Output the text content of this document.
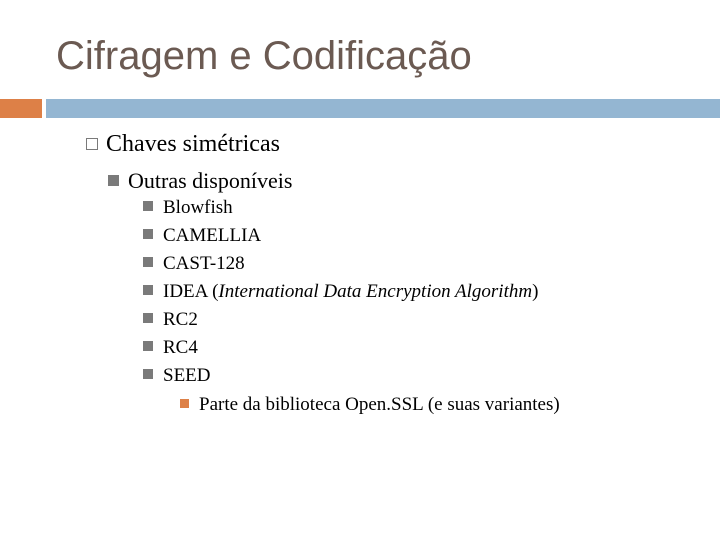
Cifragem e Codificação
Chaves simétricas
Outras disponíveis
Blowfish
CAMELLIA
CAST-128
IDEA (International Data Encryption Algorithm)
RC2
RC4
SEED
Parte da biblioteca Open.SSL (e suas variantes)
